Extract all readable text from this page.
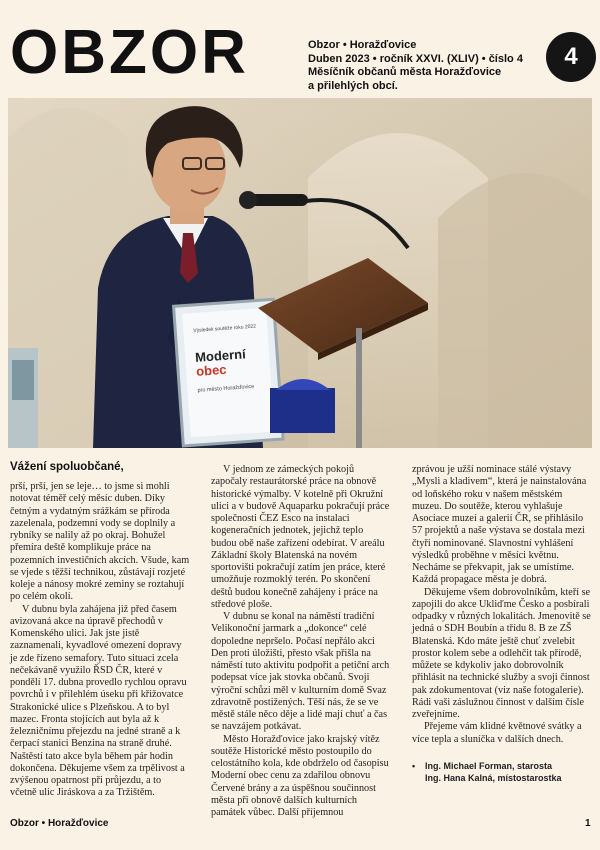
OBZOR	Obzor • Horažďovice
Duben 2023 • ročník XXVI. (XLIV) • číslo 4
Měsíčník občanů města Horažďovice
a přilehlých obcí.
4
Výsledek soutěže roku 2022
Moderní
obec
pro město Horažďovice
Vážení spoluobčané,

prší, prší, jen se leje… to jsme si mohli notovat téměř celý měsíc duben. Díky četným a vydatným srážkám se příroda zazelenala, podzemní vody se doplnily a rybníky se nalily až po okraj. Bohužel přemíra deště komplikuje práce na pozemních investičních akcích. Všude, kam se vjede s těžší technikou, zůstávají rozjeté koleje a nánosy mokré zeminy se roztahují po celém okolí.

V dubnu byla zahájena již před časem avizovaná akce na úpravě přechodů v Komenského ulici. Jak jste jistě zaznamenali, kyvadlové omezení dopravy je zde řízeno semafory. Tuto situaci zcela nečekávaně využilo ŘSD ČR, které v pondělí 17. dubna provedlo rychlou opravu povrchů i v přilehlém úseku při křižovatce Strakonické ulice s Plzeňskou. A to byl mazec. Fronta stojících aut byla až k železničnímu přejezdu na jedné straně a k čerpací stanici Benzina na straně druhé. Naštěstí tato akce byla během pár hodin dokončena. Děkujeme všem za trpělivost a zvýšenou opatrnost při průjezdu, a to včetně ulic Jiráskova a za Tržištěm.

V jednom ze zámeckých pokojů započaly restaurátorské práce na obnově historické výmalby. V kotelně při Okružní ulici a v budově Aquaparku pokračují práce společnosti ČEZ Esco na instalaci kogeneračních jednotek, jejichž teplo budou obě naše zařízení odebírat. V areálu Základní školy Blatenská na novém sportovišti pokračují zatím jen práce, které umožňuje rozmoklý terén. Po skončení deštů budou konečně zahájeny i práce na středové ploše.

V dubnu se konal na náměstí tradiční Velikonoční jarmark a „dokonce“ celé dopoledne nepršelo. Počasí nepřálo akci Den proti úložišti, přesto však přišla na náměstí tuto aktivitu podpořit a petiční arch podepsat více jak stovka občanů. Svoji výroční schůzi měl v kulturním domě Svaz zdravotně postižených. Těší nás, že se ve městě stále něco děje a lidé mají chuť a čas se navzájem potkávat.

Město Horažďovice jako krajský vítěz soutěže Historické město postoupilo do celostátního kola, kde obdrželo od časopisu Moderní obec cenu za zdařilou obnovu Červené brány a za úspěšnou součinnost města při obnově dalších kulturních památek vůbec. Další příjemnou

zprávou je užší nominace stálé výstavy „Mysli a kladivem“, která je nainstalována od loňského roku v našem městském muzeu. Do soutěže, kterou vyhlašuje Asociace muzeí a galerií ČR, se přihlásilo 57 projektů a naše výstava se dostala mezi čtyři nominované. Slavnostní vyhlášení výsledků proběhne v měsíci květnu. Necháme se překvapit, jak se umístíme. Každá propagace města je dobrá.

Děkujeme všem dobrovolníkům, kteří se zapojili do akce Ukliďme Česko a posbírali odpadky v různých lokalitách. Jmenovitě se jedná o SDH Boubín a třídu 8. B ze ZŠ Blatenská. Kdo máte ještě chuť zvelebit prostor kolem sebe a odlehčit tak přírodě, můžete se kdykoliv jako dobrovolník přihlásit na technické služby a svoji činnost pak zdokumentovat (viz naše fotogalerie). Rádi vaši záslužnou činnost v dalším čísle zveřejníme.

Přejeme vám klidné květnové svátky a více tepla a sluníčka v dalších dnech.

•	Ing. Michael Forman, starosta
Ing. Hana Kalná, místostarostka
Obzor • Horažďovice	1
